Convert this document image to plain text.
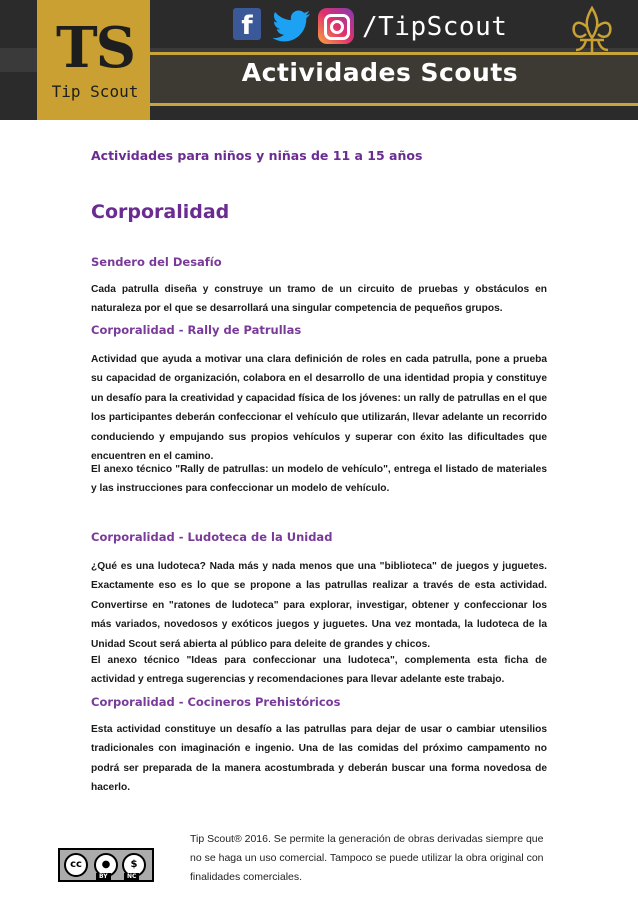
Actividades Scouts
TS
Tip Scout
f	/TipScout
Actividades para niños y niñas de 11 a 15 años
Corporalidad
Sendero del Desafío
Cada patrulla diseña y construye un tramo de un circuito de pruebas y obstáculos en naturaleza por el que se desarrollará una singular competencia de pequeños grupos.
Corporalidad - Rally de Patrullas
Actividad que ayuda a motivar una clara definición de roles en cada patrulla, pone a prueba su capacidad de organización, colabora en el desarrollo de una identidad propia y constituye un desafío para la creatividad y capacidad física de los jóvenes: un rally de patrullas en el que los participantes deberán confeccionar el vehículo que utilizarán, llevar adelante un recorrido conduciendo y empujando sus propios vehículos y superar con éxito las dificultades que encuentren en el camino.
El anexo técnico "Rally de patrullas: un modelo de vehículo", entrega el listado de materiales y las instrucciones para confeccionar un modelo de vehículo.
Corporalidad - Ludoteca de la Unidad
¿Qué es una ludoteca? Nada más y nada menos que una "biblioteca" de juegos y juguetes. Exactamente eso es lo que se propone a las patrullas realizar a través de esta actividad. Convertirse en "ratones de ludoteca" para explorar, investigar, obtener y confeccionar los más variados, novedosos y exóticos juegos y juguetes. Una vez montada, la ludoteca de la Unidad Scout será abierta al público para deleite de grandes y chicos.
El anexo técnico "Ideas para confeccionar una ludoteca", complementa esta ficha de actividad y entrega sugerencias y recomendaciones para llevar adelante este trabajo.
Corporalidad - Cocineros Prehistóricos
Esta actividad constituye un desafío a las patrullas para dejar de usar o cambiar utensilios tradicionales con imaginación e ingenio. Una de las comidas del próximo campamento no podrá ser preparada de la manera acostumbrada y deberán buscar una forma novedosa de hacerlo.
cc	●	$
BY	NC
Tip Scout® 2016. Se permite la generación de obras derivadas siempre que no se haga un uso comercial. Tampoco se puede utilizar la obra original con finalidades comerciales.
